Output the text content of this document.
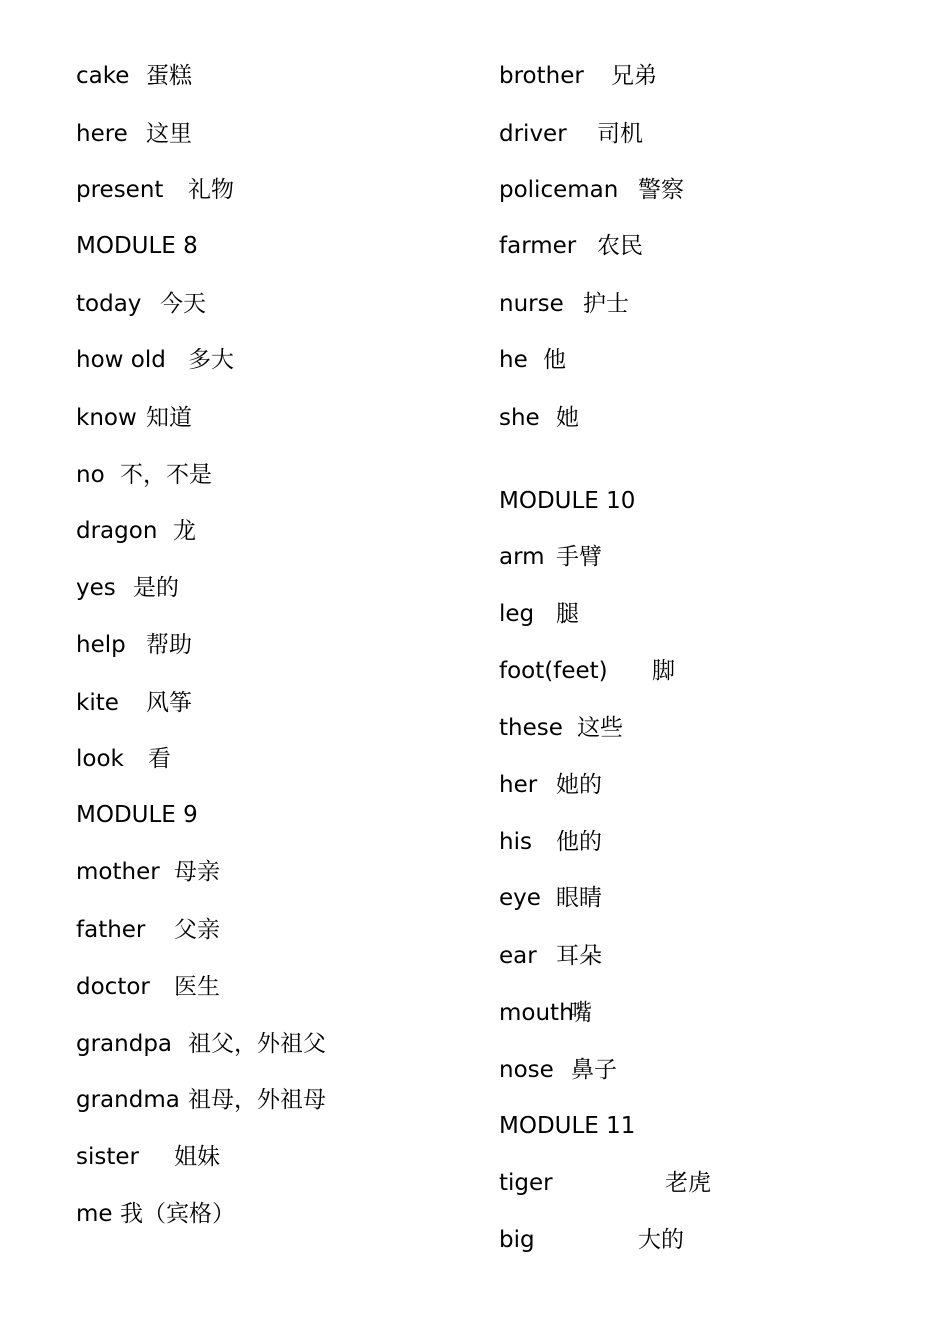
cake 蛋糕
here 这里
present 礼物
MODULE 8
today 今天
how old 多大
know 知道
no 不，不是
dragon 龙
yes 是的
help 帮助
kite 风筝
look 看
MODULE 9
mother 母亲
father 父亲
doctor 医生
grandpa 祖父，外祖父
grandma 祖母，外祖母
sister 姐妹
me 我（宾格）
brother 兄弟
driver 司机
policeman 警察
farmer 农民
nurse 护士
he 他
she 她
MODULE 10
arm 手臂
leg 腿
foot(feet) 脚
these 这些
her 她的
his 他的
eye 眼睛
ear 耳朵
mouth
嘴
nose 鼻子
MODULE 11
tiger	老虎
big	大的
